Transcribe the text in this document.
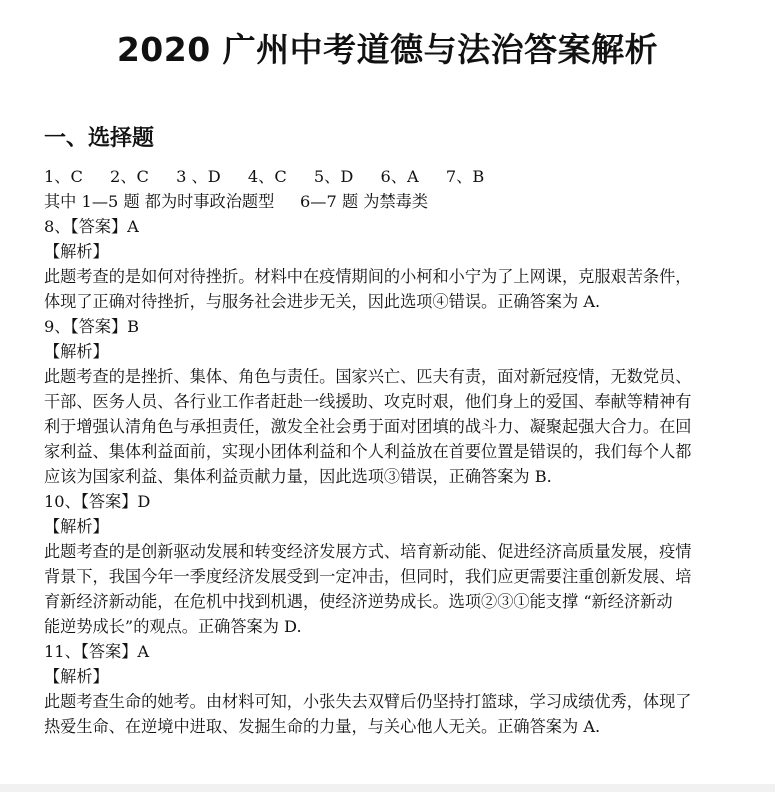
2020 广州中考道德与法治答案解析
一、选择题
1、C 2、C 3 、D 4、C 5、D 6、A 7、B
其中 1—5 题 都为时事政治题型     6—7 题 为禁毒类
8、【答案】A
【解析】
此题考查的是如何对待挫折。材料中在疫情期间的小柯和小宁为了上网课，克服艰苦条件，
体现了正确对待挫折，与服务社会进步无关，因此选项④错误。正确答案为 A.
9、【答案】B
【解析】
此题考查的是挫折、集体、角色与责任。国家兴亡、匹夫有责，面对新冠疫情，无数党员、
干部、医务人员、各行业工作者赶赴一线援助、攻克时艰，他们身上的爱国、奉献等精神有
利于增强认清角色与承担责任，激发全社会勇于面对团填的战斗力、凝聚起强大合力。在回
家利益、集体利益面前，实现小团体利益和个人利益放在首要位置是错误的，我们每个人都
应该为国家利益、集体利益贡献力量，因此选项③错误，正确答案为 B.
10、【答案】D
【解析】
此题考查的是创新驱动发展和转变经济发展方式、培育新动能、促进经济高质量发展，疫情
背景下，我国今年一季度经济发展受到一定冲击，但同时，我们应更需要注重创新发展、培
育新经济新动能，在危机中找到机遇，使经济逆势成长。选项②③①能支撑 “新经济新动
能逆势成长”的观点。正确答案为 D.
11、【答案】A
【解析】
此题考查生命的她考。由材料可知，小张失去双臂后仍坚持打篮球，学习成绩优秀，体现了
热爱生命、在逆境中进取、发掘生命的力量，与关心他人无关。正确答案为 A.
